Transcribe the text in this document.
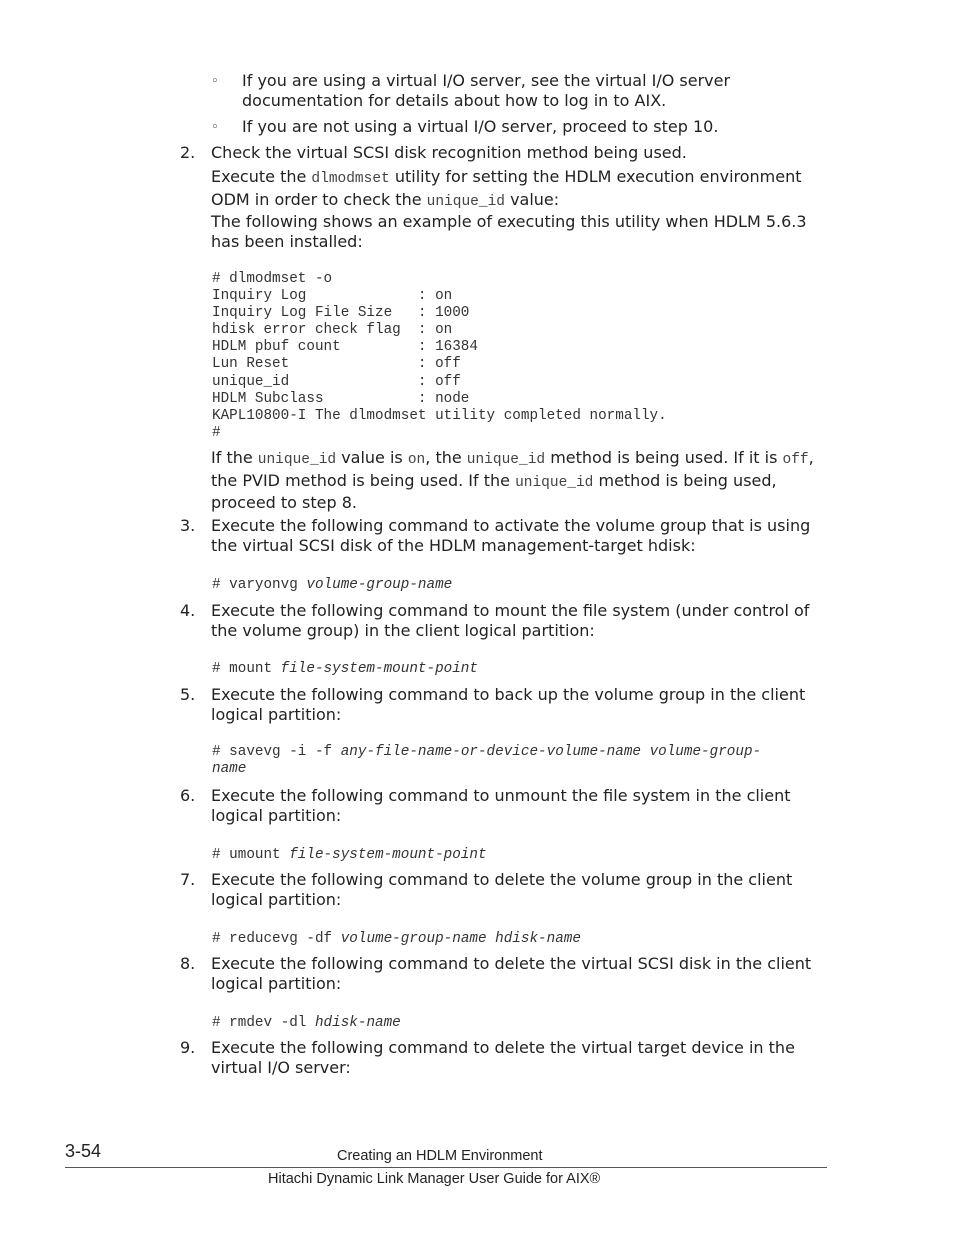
◦ If you are using a virtual I/O server, see the virtual I/O server documentation for details about how to log in to AIX.
◦ If you are not using a virtual I/O server, proceed to step 10.
2. Check the virtual SCSI disk recognition method being used.
Execute the dlmodmset utility for setting the HDLM execution environment ODM in order to check the unique_id value:
The following shows an example of executing this utility when HDLM 5.6.3 has been installed:
# dlmodmset -o
Inquiry Log             : on
Inquiry Log File Size   : 1000
hdisk error check flag  : on
HDLM pbuf count         : 16384
Lun Reset               : off
unique_id               : off
HDLM Subclass           : node
KAPL10800-I The dlmodmset utility completed normally.
#
If the unique_id value is on, the unique_id method is being used. If it is off, the PVID method is being used. If the unique_id method is being used, proceed to step 8.
3. Execute the following command to activate the volume group that is using the virtual SCSI disk of the HDLM management-target hdisk:
# varyonvg volume-group-name
4. Execute the following command to mount the file system (under control of the volume group) in the client logical partition:
# mount file-system-mount-point
5. Execute the following command to back up the volume group in the client logical partition:
# savevg -i -f any-file-name-or-device-volume-name volume-group-
name
6. Execute the following command to unmount the file system in the client logical partition:
# umount file-system-mount-point
7. Execute the following command to delete the volume group in the client logical partition:
# reducevg -df volume-group-name hdisk-name
8. Execute the following command to delete the virtual SCSI disk in the client logical partition:
# rmdev -dl hdisk-name
9. Execute the following command to delete the virtual target device in the virtual I/O server:
3-54	Creating an HDLM Environment
Hitachi Dynamic Link Manager User Guide for AIX®
